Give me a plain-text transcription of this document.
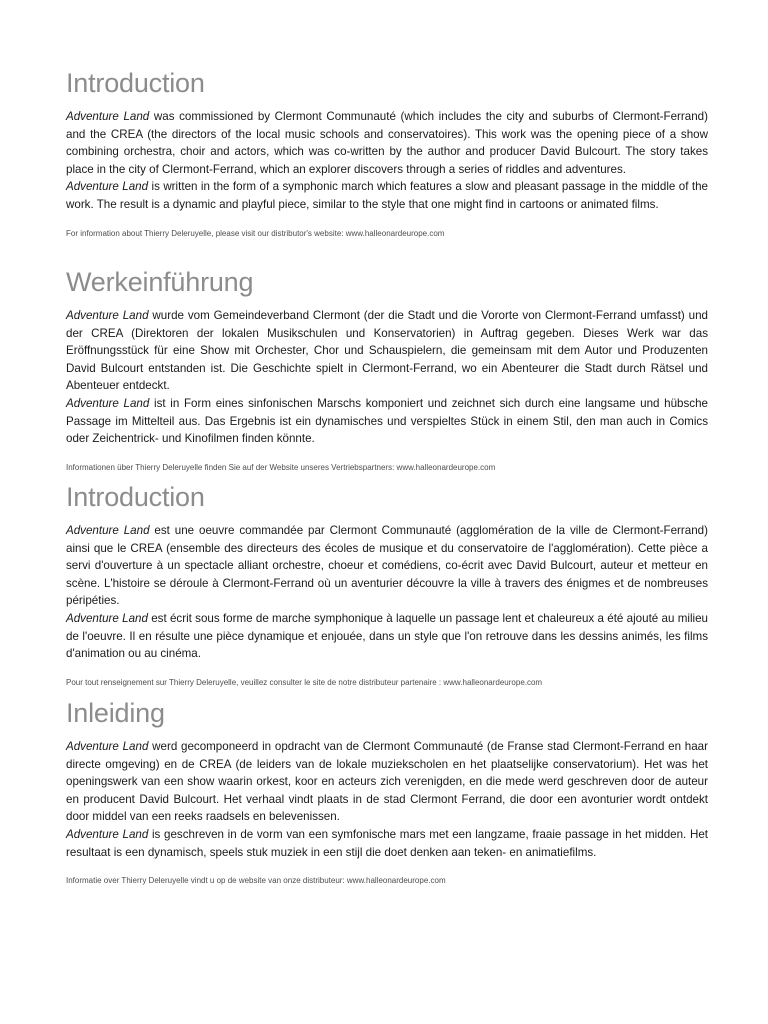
Introduction

Adventure Land was commissioned by Clermont Communauté (which includes the city and suburbs of Clermont-Ferrand) and the CREA (the directors of the local music schools and conservatoires). This work was the opening piece of a show combining orchestra, choir and actors, which was co-written by the author and producer David Bulcourt. The story takes place in the city of Clermont-Ferrand, which an explorer discovers through a series of riddles and adventures.

Adventure Land is written in the form of a symphonic march which features a slow and pleasant passage in the middle of the work. The result is a dynamic and playful piece, similar to the style that one might find in cartoons or animated films.

For information about Thierry Deleruyelle, please visit our distributor's website: www.halleonardeurope.com
Werkeinführung

Adventure Land wurde vom Gemeindeverband Clermont (der die Stadt und die Vororte von Clermont-Ferrand umfasst) und der CREA (Direktoren der lokalen Musikschulen und Konservatorien) in Auftrag gegeben. Dieses Werk war das Eröffnungsstück für eine Show mit Orchester, Chor und Schauspielern, die gemeinsam mit dem Autor und Produzenten David Bulcourt entstanden ist. Die Geschichte spielt in Clermont-Ferrand, wo ein Abenteurer die Stadt durch Rätsel und Abenteuer entdeckt.

Adventure Land ist in Form eines sinfonischen Marschs komponiert und zeichnet sich durch eine langsame und hübsche Passage im Mittelteil aus. Das Ergebnis ist ein dynamisches und verspieltes Stück in einem Stil, den man auch in Comics oder Zeichentrick- und Kinofilmen finden könnte.

Informationen über Thierry Deleruyelle finden Sie auf der Website unseres Vertriebspartners: www.halleonardeurope.com
Introduction

Adventure Land est une oeuvre commandée par Clermont Communauté (agglomération de la ville de Clermont-Ferrand) ainsi que le CREA (ensemble des directeurs des écoles de musique et du conservatoire de l'agglomération). Cette pièce a servi d'ouverture à un spectacle alliant orchestre, choeur et comédiens, co-écrit avec David Bulcourt, auteur et metteur en scène. L'histoire se déroule à Clermont-Ferrand où un aventurier découvre la ville à travers des énigmes et de nombreuses péripéties.

Adventure Land est écrit sous forme de marche symphonique à laquelle un passage lent et chaleureux a été ajouté au milieu de l'oeuvre. Il en résulte une pièce dynamique et enjouée, dans un style que l'on retrouve dans les dessins animés, les films d'animation ou au cinéma.

Pour tout renseignement sur Thierry Deleruyelle, veuillez consulter le site de notre distributeur partenaire : www.halleonardeurope.com
Inleiding

Adventure Land werd gecomponeerd in opdracht van de Clermont Communauté (de Franse stad Clermont-Ferrand en haar directe omgeving) en de CREA (de leiders van de lokale muziekscholen en het plaatselijke conservatorium). Het was het openingswerk van een show waarin orkest, koor en acteurs zich verenigden, en die mede werd geschreven door de auteur en producent David Bulcourt. Het verhaal vindt plaats in de stad Clermont Ferrand, die door een avonturier wordt ontdekt door middel van een reeks raadsels en belevenissen.

Adventure Land is geschreven in de vorm van een symfonische mars met een langzame, fraaie passage in het midden. Het resultaat is een dynamisch, speels stuk muziek in een stijl die doet denken aan teken- en animatiefilms.

Informatie over Thierry Deleruyelle vindt u op de website van onze distributeur: www.halleonardeurope.com
